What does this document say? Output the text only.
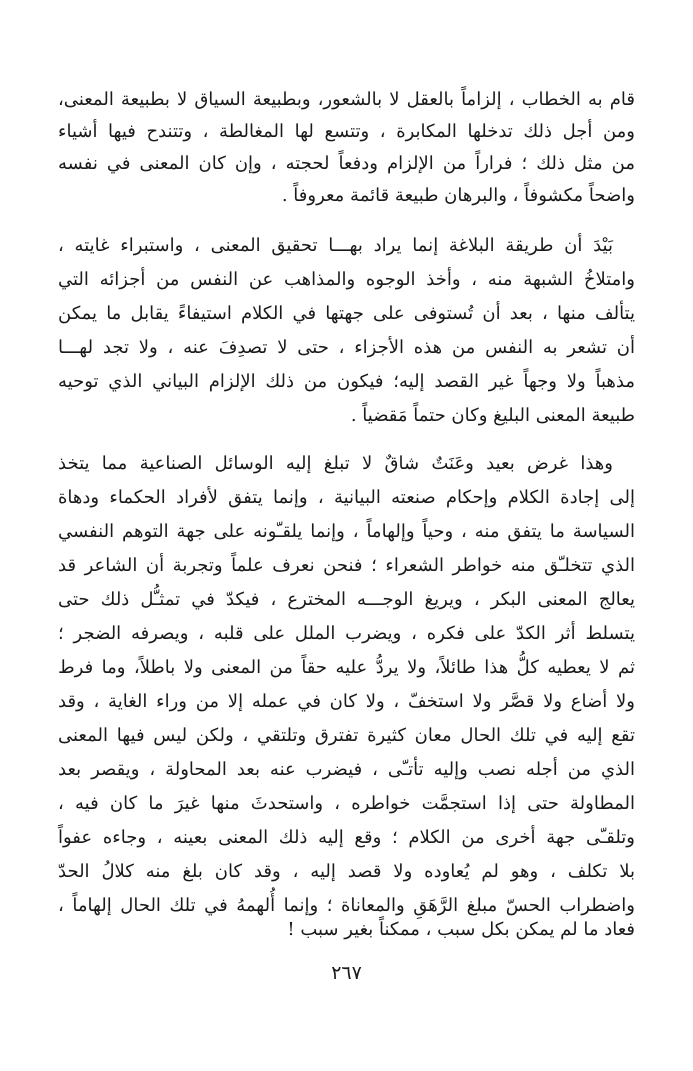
قام به الخطاب ، إلزاماً بالعقل لا بالشعور، وبطبيعة السياق لا بطبيعة المعنى،
ومن أجل ذلك تدخلها المكابرة ، وتتسع لها المغالطة ، وتتندح فيها أشياء
من مثل ذلك ؛ فراراً من الإلزام ودفعاً لحجته ، وإن كان المعنى في نفسه
واضحاً مكشوفاً ، والبرهان طبيعة قائمة معروفاً .
بَيْدَ أن طريقة البلاغة إنما يراد بهـــا تحقيق المعنى ، واستبراء غايته ،
وامتلاخُ الشبهة منه ، وأخذ الوجوه والمذاهب عن النفس من أجزائه التي
يتألف منها ، بعد أن تُستوفى على جهتها في الكلام استيفاءً يقابل ما يمكن
أن تشعر به النفس من هذه الأجزاء ، حتى لا تصدِفَ عنه ، ولا تجد لهـــا
مذهباً ولا وجهاً غير القصد إليه؛ فيكون من ذلك الإلزام البياني الذي توحيه
طبيعة المعنى البليغ وكان حتماً مَقضياً .
وهذا غرض بعيد وعَنَتٌ شاقٌ لا تبلغ إليه الوسائل الصناعية مما يتخذ
إلى إجادة الكلام وإحكام صنعته البيانية ، وإنما يتفق لأفراد الحكماء ودهاة
السياسة ما يتفق منه ، وحياً وإلهاماً ، وإنما يلقـّونه على جهة التوهم النفسي
الذي تتخلـّق منه خواطر الشعراء ؛ فنحن نعرف علماً وتجربة أن الشاعر قد
يعالج المعنى البكر ، ويريغ الوجـــه المخترع ، فيكدّ في تمثـُّل ذلك حتى
يتسلط أثر الكدّ على فكره ، ويضرب الملل على قلبه ، ويصرفه الضجر ؛
ثم لا يعطيه كلُّ هذا طائلاً، ولا يردُّ عليه حقاً من المعنى ولا باطلاً، وما فرط
ولا أضاع ولا قصَّر ولا استخفّ ، ولا كان في عمله إلا من وراء الغاية ، وقد
تقع إليه في تلك الحال معان كثيرة تفترق وتلتقي ، ولكن ليس فيها المعنى
الذي من أجله نصب وإليه تأتـّى ، فيضرب عنه بعد المحاولة ، ويقصر بعد
المطاولة حتى إذا استجمَّت خواطره ، واستحدثَ منها غيرَ ما كان فيه ،
وتلقـّى جهة أخرى من الكلام ؛ وقع إليه ذلك المعنى بعينه ، وجاءه عفواً
بلا تكلف ، وهو لم يُعاوده ولا قصد إليه ، وقد كان بلغ منه كلالُ الحدّ
واضطراب الحسّ مبلغ الرَّهَقِ والمعاناة ؛ وإنما أُلهمهُ في تلك الحال إلهاماً ،
فعاد ما لم يمكن بكل سبب ، ممكناً بغير سبب !
٢٦٧
